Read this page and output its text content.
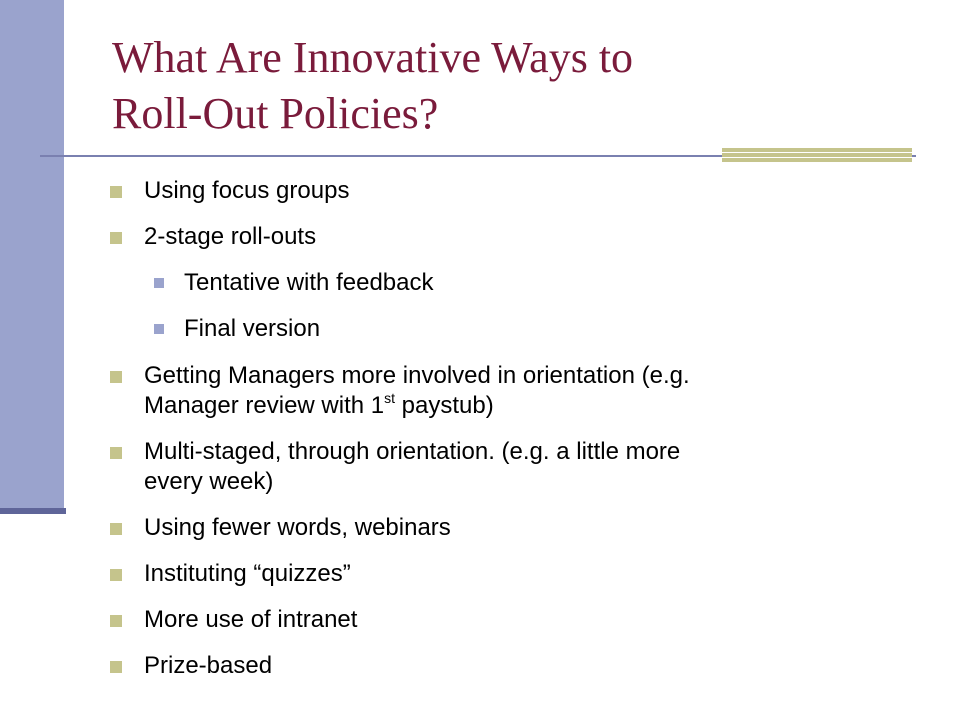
What Are Innovative Ways to
Roll-Out Policies?
Using focus groups
2-stage roll-outs
Tentative with feedback
Final version
Getting Managers more involved in orientation (e.g.
Manager review with 1st paystub)
Multi-staged, through orientation. (e.g. a little more
every week)
Using fewer words, webinars
Instituting “quizzes”
More use of intranet
Prize-based
